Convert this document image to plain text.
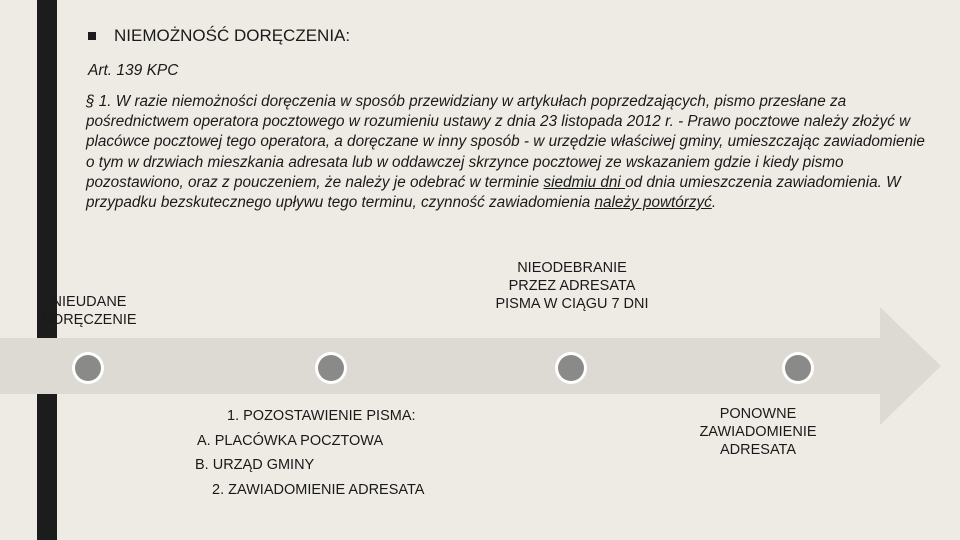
NIEMOŻNOŚĆ DORĘCZENIA:
Art. 139 KPC
§ 1. W razie niemożności doręczenia w sposób przewidziany w artykułach poprzedzających, pismo przesłane za pośrednictwem operatora pocztowego w rozumieniu ustawy z dnia 23 listopada 2012 r. - Prawo pocztowe należy złożyć w placówce pocztowej tego operatora, a doręczane w inny sposób - w urzędzie właściwej gminy, umieszczając zawiadomienie o tym w drzwiach mieszkania adresata lub w oddawczej skrzynce pocztowej ze wskazaniem gdzie i kiedy pismo pozostawiono, oraz z pouczeniem, że należy je odebrać w terminie siedmiu dni od dnia umieszczenia zawiadomienia. W przypadku bezskutecznego upływu tego terminu, czynność zawiadomienia należy powtórzyć.
NIEUDANE DORĘCZENIE
NIEODEBRANIE PRZEZ ADRESATA PISMA W CIĄGU 7 DNI
1. POZOSTAWIENIE PISMA:
A. PLACÓWKA POCZTOWA
B. URZĄD GMINY
2. ZAWIADOMIENIE ADRESATA
PONOWNE ZAWIADOMIENIE ADRESATA
